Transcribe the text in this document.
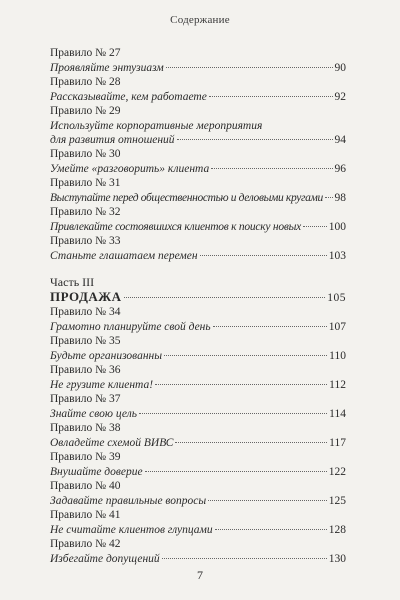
Содержание
Правило № 27
Проявляйте энтузиазм	90
Правило № 28
Рассказывайте, кем работаете	92
Правило № 29
Используйте корпоративные мероприятия
для развития отношений	94
Правило № 30
Умейте «разговорить» клиента	96
Правило № 31
Выступайте перед общественностью и деловыми кругами 98
Правило № 32
Привлекайте состоявшихся клиентов к поиску новых 100
Правило № 33
Станьте глашатаем перемен	103
Часть III
ПРОДАЖА	105
Правило № 34
Грамотно планируйте свой день	107
Правило № 35
Будьте организованны	110
Правило № 36
Не грузите клиента!	112
Правило № 37
Знайте свою цель	114
Правило № 38
Овладейте схемой ВИВС	117
Правило № 39
Внушайте доверие	122
Правило № 40
Задавайте правильные вопросы	125
Правило № 41
Не считайте клиентов глупцами	128
Правило № 42
Избегайте допущений	130
7
